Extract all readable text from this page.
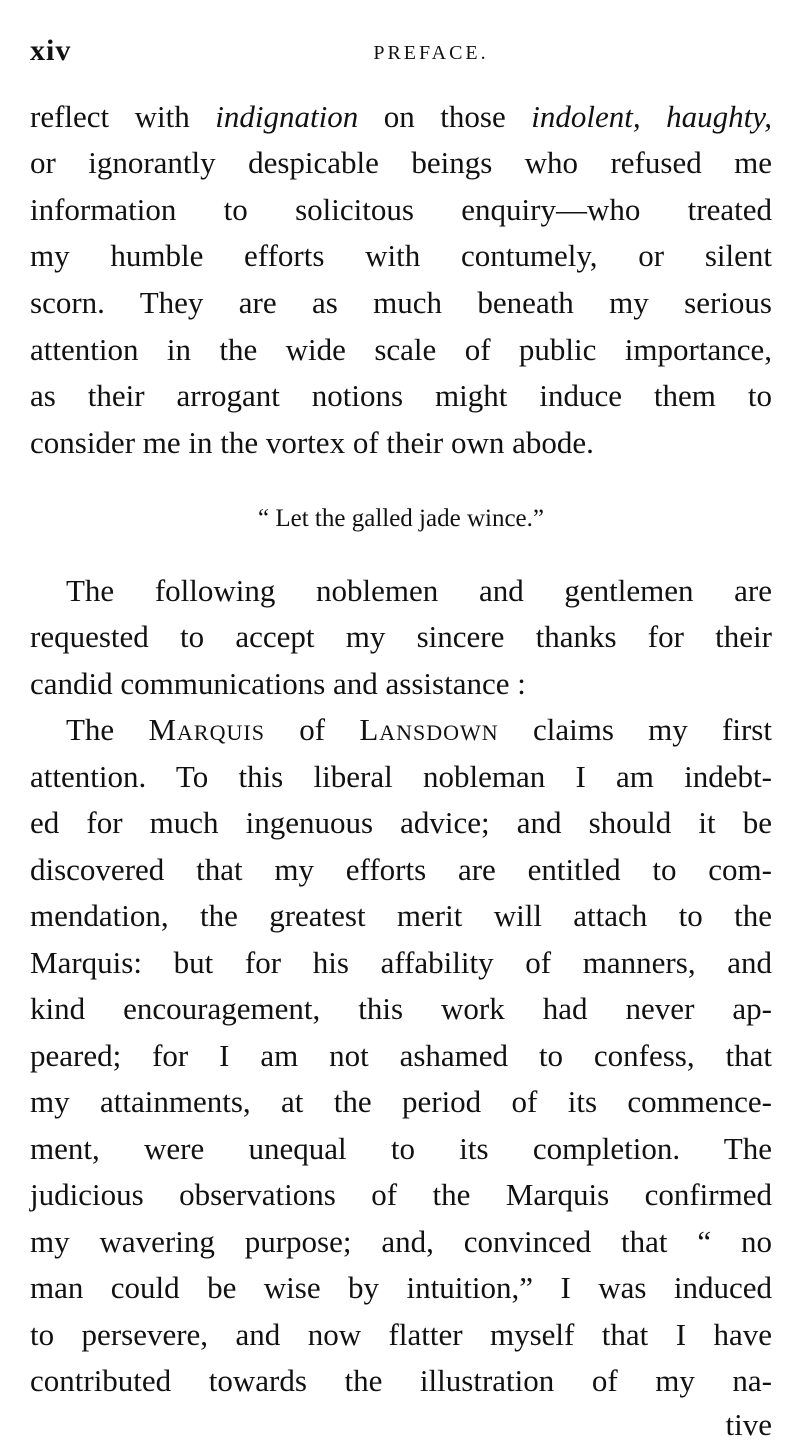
xiv	PREFACE.
reflect with indignation on those indolent, haughty,
or ignorantly despicable beings who refused me
information to solicitous enquiry—who treated
my humble efforts with contumely, or silent
scorn. They are as much beneath my serious
attention in the wide scale of public importance,
as their arrogant notions might induce them to
consider me in the vortex of their own abode.
“ Let the galled jade wince.”
The following noblemen and gentlemen are
requested to accept my sincere thanks for their
candid communications and assistance :
The Marquis of Lansdown claims my first
attention. To this liberal nobleman I am indebt-
ed for much ingenuous advice; and should it be
discovered that my efforts are entitled to com-
mendation, the greatest merit will attach to the
Marquis: but for his affability of manners, and
kind encouragement, this work had never ap-
peared; for I am not ashamed to confess, that
my attainments, at the period of its commence-
ment, were unequal to its completion. The
judicious observations of the Marquis confirmed
my wavering purpose; and, convinced that “ no
man could be wise by intuition,” I was induced
to persevere, and now flatter myself that I have
contributed towards the illustration of my na-
tive
